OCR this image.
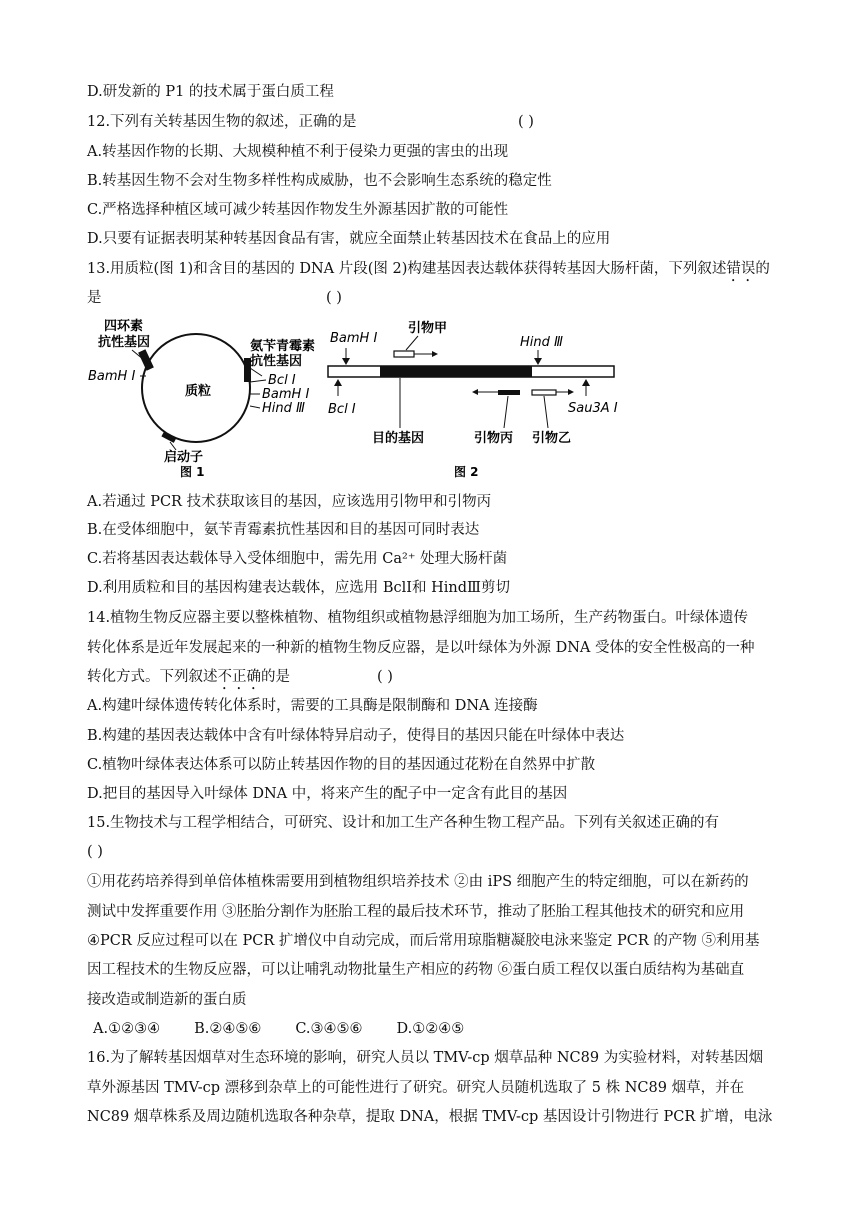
D.研发新的 P1 的技术属于蛋白质工程
12.下列有关转基因生物的叙述，正确的是	( )
A.转基因作物的长期、大规模种植不利于侵染力更强的害虫的出现
B.转基因生物不会对生物多样性构成威胁，也不会影响生态系统的稳定性
C.严格选择种植区域可减少转基因作物发生外源基因扩散的可能性
D.只要有证据表明某种转基因食品有害，就应全面禁止转基因技术在食品上的应用
13.用质粒(图 1)和含目的基因的 DNA 片段(图 2)构建基因表达载体获得转基因大肠杆菌，下列叙述错误的
是	( )
四环素
抗性基因
BamH Ⅰ
质粒
氨苄青霉素
抗性基因
Bcl Ⅰ
BamH Ⅰ
Hind Ⅲ
启动子
图 1
BamH Ⅰ
引物甲
Hind Ⅲ
Bcl Ⅰ	Sau3A Ⅰ
目的基因	引物丙 引物乙
图 2
A.若通过 PCR 技术获取该目的基因，应该选用引物甲和引物丙
B.在受体细胞中，氨苄青霉素抗性基因和目的基因可同时表达
C.若将基因表达载体导入受体细胞中，需先用 Ca²⁺ 处理大肠杆菌
D.利用质粒和目的基因构建表达载体，应选用 BclⅠ和 HindⅢ剪切
14.植物生物反应器主要以整株植物、植物组织或植物悬浮细胞为加工场所，生产药物蛋白。叶绿体遗传
转化体系是近年发展起来的一种新的植物生物反应器，是以叶绿体为外源 DNA 受体的安全性极高的一种
转化方式。下列叙述不正确的是	( )
A.构建叶绿体遗传转化体系时，需要的工具酶是限制酶和 DNA 连接酶
B.构建的基因表达载体中含有叶绿体特异启动子，使得目的基因只能在叶绿体中表达
C.植物叶绿体表达体系可以防止转基因作物的目的基因通过花粉在自然界中扩散
D.把目的基因导入叶绿体 DNA 中，将来产生的配子中一定含有此目的基因
15.生物技术与工程学相结合，可研究、设计和加工生产各种生物工程产品。下列有关叙述正确的有
( )
①用花药培养得到单倍体植株需要用到植物组织培养技术 ②由 iPS 细胞产生的特定细胞，可以在新药的
测试中发挥重要作用 ③胚胎分割作为胚胎工程的最后技术环节，推动了胚胎工程其他技术的研究和应用
④PCR 反应过程可以在 PCR 扩增仪中自动完成，而后常用琼脂糖凝胶电泳来鉴定 PCR 的产物 ⑤利用基
因工程技术的生物反应器，可以让哺乳动物批量生产相应的药物 ⑥蛋白质工程仅以蛋白质结构为基础直
接改造或制造新的蛋白质
A.①②③④ B.②④⑤⑥ C.③④⑤⑥ D.①②④⑤
16.为了解转基因烟草对生态环境的影响，研究人员以 TMV-cp 烟草品种 NC89 为实验材料，对转基因烟
草外源基因 TMV-cp 漂移到杂草上的可能性进行了研究。研究人员随机选取了 5 株 NC89 烟草，并在
NC89 烟草株系及周边随机选取各种杂草，提取 DNA，根据 TMV-cp 基因设计引物进行 PCR 扩增，电泳
